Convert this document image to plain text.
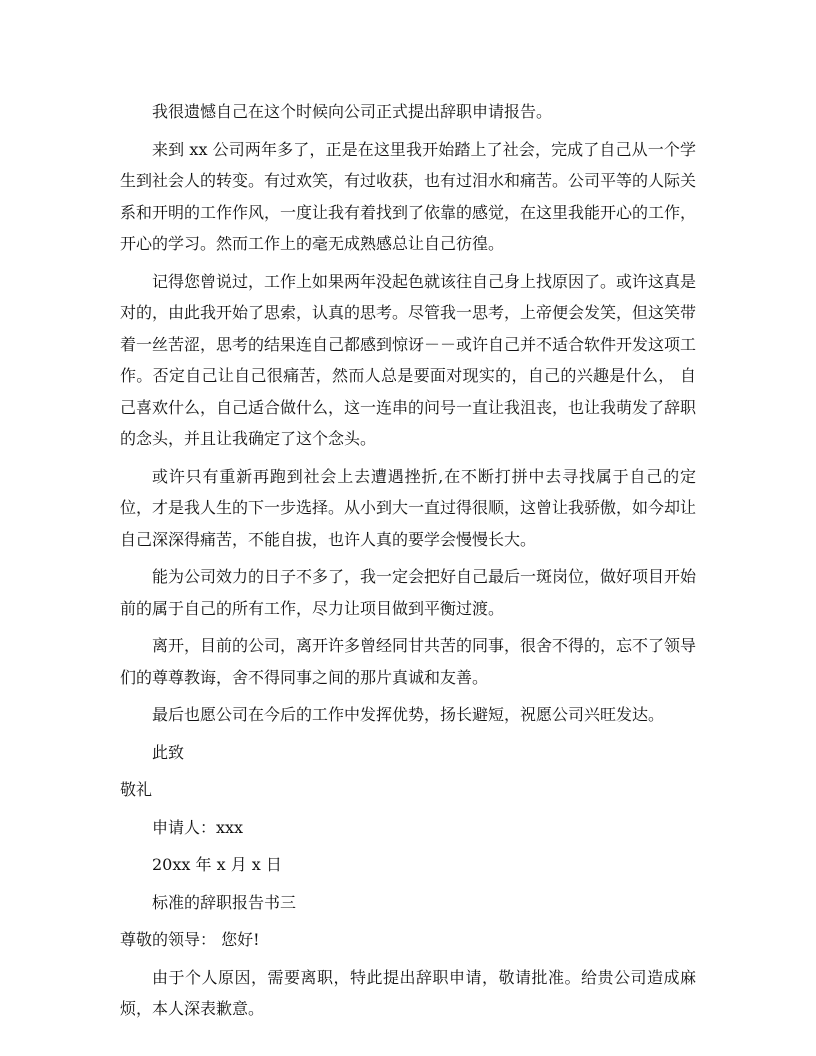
我很遗憾自己在这个时候向公司正式提出辞职申请报告。

来到 xx 公司两年多了，正是在这里我开始踏上了社会，完成了自己从一个学生到社会人的转变。有过欢笑，有过收获，也有过泪水和痛苦。公司平等的人际关系和开明的工作作风，一度让我有着找到了依靠的感觉，在这里我能开心的工作，开心的学习。然而工作上的毫无成熟感总让自己彷徨。

记得您曾说过，工作上如果两年没起色就该往自己身上找原因了。或许这真是对的，由此我开始了思索，认真的思考。尽管我一思考，上帝便会发笑，但这笑带着一丝苦涩，思考的结果连自己都感到惊讶－－或许自己并不适合软件开发这项工作。否定自己让自己很痛苦，然而人总是要面对现实的，自己的兴趣是什么， 自己喜欢什么，自己适合做什么，这一连串的问号一直让我沮丧，也让我萌发了辞职的念头，并且让我确定了这个念头。

或许只有重新再跑到社会上去遭遇挫折,在不断打拼中去寻找属于自己的定位，才是我人生的下一步选择。从小到大一直过得很顺，这曾让我骄傲，如今却让自己深深得痛苦，不能自拔，也许人真的要学会慢慢长大。

能为公司效力的日子不多了，我一定会把好自己最后一斑岗位，做好项目开始前的属于自己的所有工作，尽力让项目做到平衡过渡。

离开，目前的公司，离开许多曾经同甘共苦的同事，很舍不得的，忘不了领导们的尊尊教诲，舍不得同事之间的那片真诚和友善。

最后也愿公司在今后的工作中发挥优势，扬长避短，祝愿公司兴旺发达。

此致

敬礼

申请人：xxx

20xx 年 x 月 x 日

标准的辞职报告书三

尊敬的领导： 您好!

由于个人原因，需要离职，特此提出辞职申请，敬请批准。给贵公司造成麻烦，本人深表歉意。
